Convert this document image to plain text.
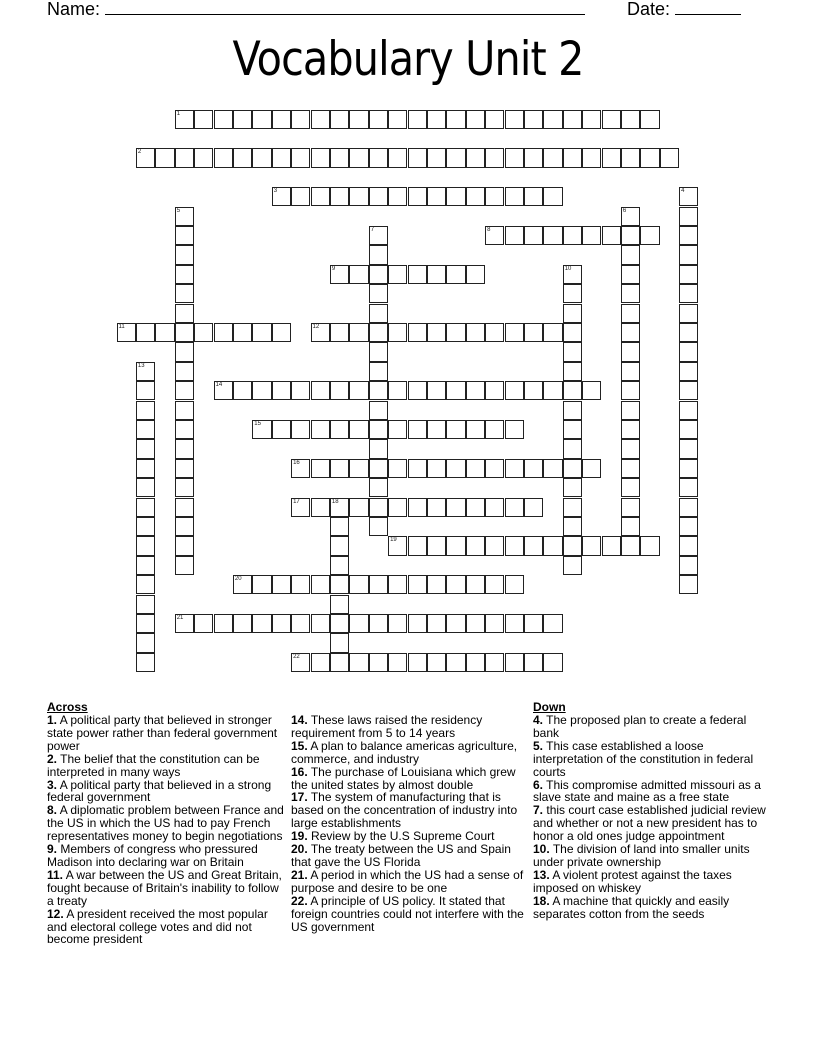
Name:	Date:
Vocabulary Unit 2
1
2
3
8
9
11	12
14
15
16
17	18
19
20
21
22
4
5	6
7
10
13
Across
1. A political party that believed in stronger state power rather than federal government power
2. The belief that the constitution can be interpreted in many ways
3. A political party that believed in a strong federal government
8. A diplomatic problem between France and the US in which the US had to pay French representatives money to begin negotiations
9. Members of congress who pressured Madison into declaring war on Britain
11. A war between the US and Great Britain, fought because of Britain's inability to follow a treaty
12. A president received the most popular and electoral college votes and did not become president
14. These laws raised the residency requirement from 5 to 14 years
15. A plan to balance americas agriculture, commerce, and industry
16. The purchase of Louisiana which grew the united states by almost double
17. The system of manufacturing that is based on the concentration of industry into large establishments
19. Review by the U.S Supreme Court
20. The treaty between the US and Spain that gave the US Florida
21. A period in which the US had a sense of purpose and desire to be one
22. A principle of US policy. It stated that foreign countries could not interfere with the US government
Down
4. The proposed plan to create a federal bank
5. This case established a loose interpretation of the constitution in federal courts
6. This compromise admitted missouri as a slave state and maine as a free state
7. this court case established judicial review and whether or not a new president has to honor a old ones judge appointment
10. The division of land into smaller units under private ownership
13. A violent protest against the taxes imposed on whiskey
18. A machine that quickly and easily separates cotton from the seeds
